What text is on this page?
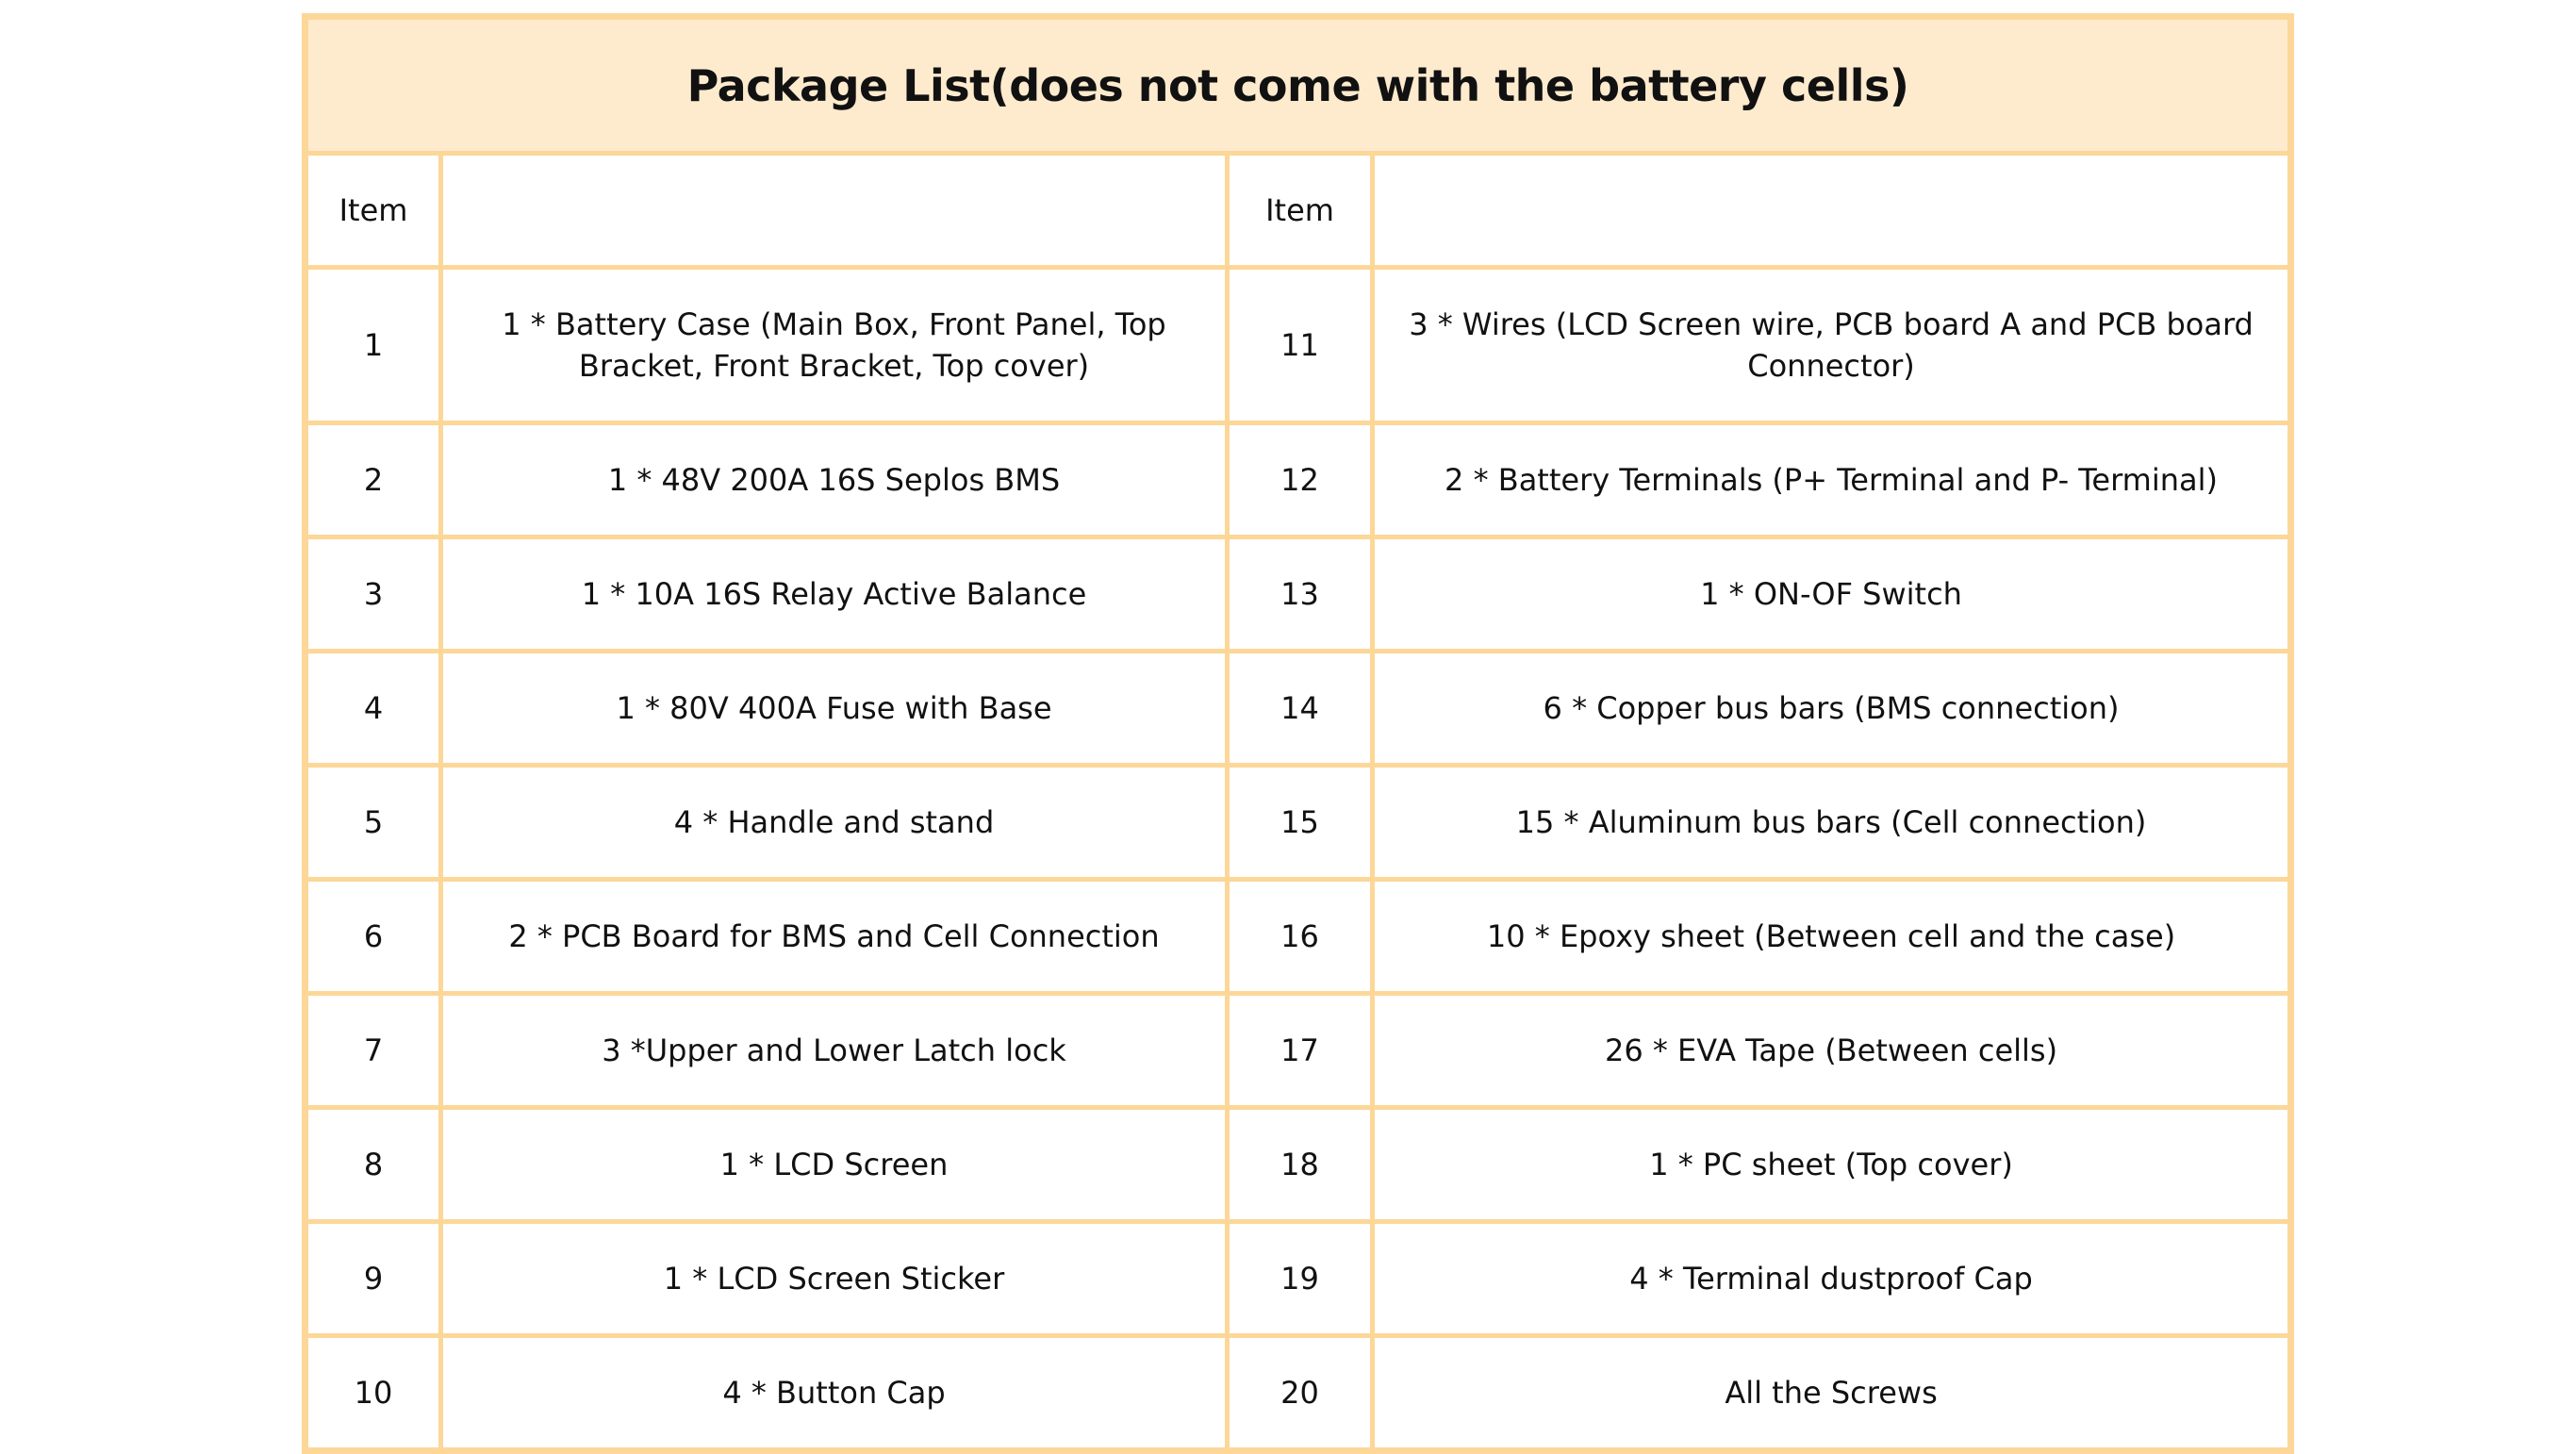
Package List(does not come with the battery cells)			
Item		Item	
1	1 * Battery Case (Main Box, Front Panel, Top Bracket, Front Bracket, Top cover)	11	3 * Wires (LCD Screen wire, PCB board A and PCB board Connector)
2	1 * 48V 200A 16S Seplos BMS	12	2 * Battery Terminals (P+ Terminal and P- Terminal)
3	1 * 10A 16S Relay Active Balance	13	1 * ON-OF Switch
4	1 * 80V 400A Fuse with Base	14	6 * Copper bus bars (BMS connection)
5	4 * Handle and stand	15	15 * Aluminum bus bars (Cell connection)
6	2 * PCB Board for BMS and Cell Connection	16	10 * Epoxy sheet (Between cell and the case)
7	3 *Upper and Lower Latch lock	17	26 * EVA Tape (Between cells)
8	1 * LCD Screen	18	1 * PC sheet (Top cover)
9	1 * LCD Screen Sticker	19	4 * Terminal dustproof Cap
10	4 * Button Cap	20	All the Screws
